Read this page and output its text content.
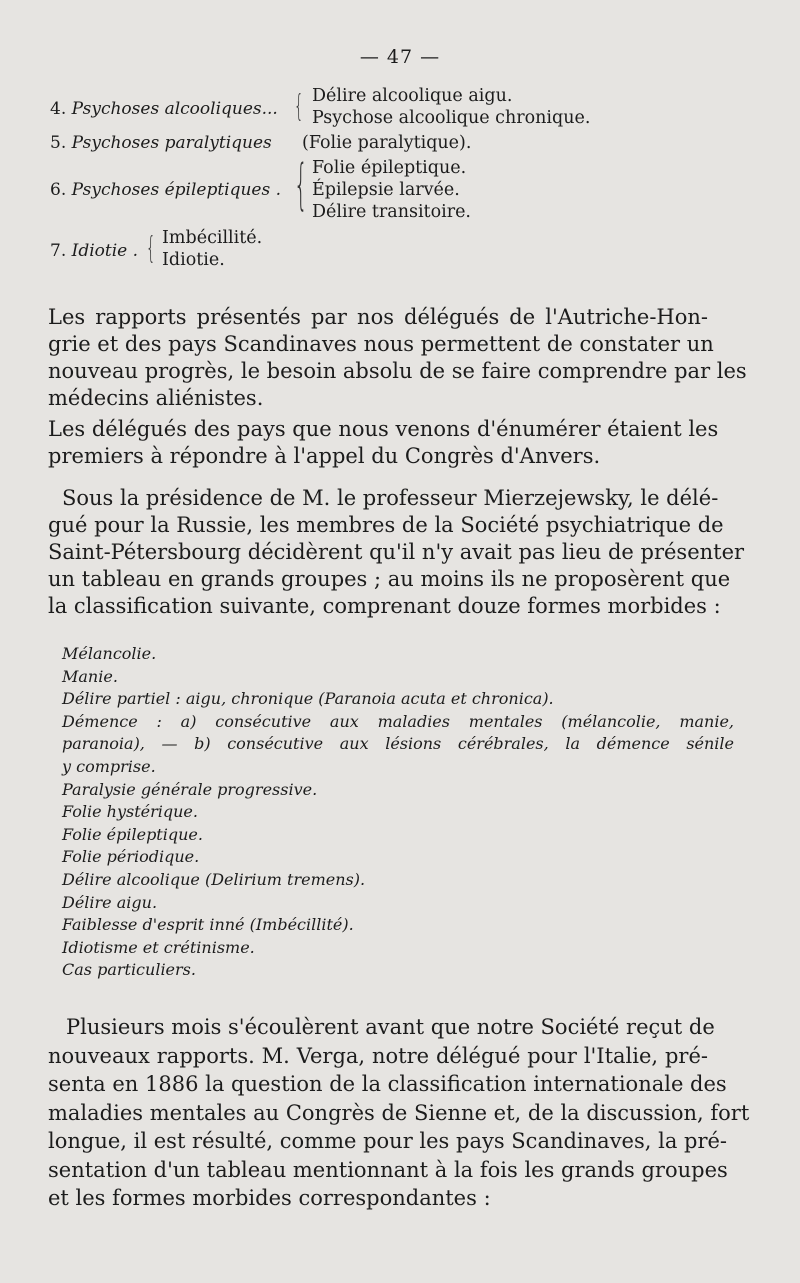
— 47 —
4. Psychoses alcooliques... { Délire alcoolique aigu.
Psychose alcoolique chronique.
5. Psychoses paralytiques (Folie paralytique).
6. Psychoses épileptiques . { Folie épileptique.
Épilepsie larvée.
Délire transitoire.
7. Idiotie . { Imbécillité.
Idiotie.
Les rapports présentés par nos délégués de l'Autriche-Hon-
grie et des pays Scandinaves nous permettent de constater un
nouveau progrès, le besoin absolu de se faire comprendre par les
médecins aliénistes.
Les délégués des pays que nous venons d'énumérer étaient les
premiers à répondre à l'appel du Congrès d'Anvers.
Sous la présidence de M. le professeur Mierzejewsky, le délé-
gué pour la Russie, les membres de la Société psychiatrique de
Saint-Pétersbourg décidèrent qu'il n'y avait pas lieu de présenter
un tableau en grands groupes ; au moins ils ne proposèrent que
la classification suivante, comprenant douze formes morbides :
Mélancolie.
Manie.
Délire partiel : aigu, chronique (Paranoia acuta et chronica).
Démence : a) consécutive aux maladies mentales (mélancolie, manie,
paranoia), — b) consécutive aux lésions cérébrales, la démence sénile
y comprise.
Paralysie générale progressive.
Folie hystérique.
Folie épileptique.
Folie périodique.
Délire alcoolique (Delirium tremens).
Délire aigu.
Faiblesse d'esprit inné (Imbécillité).
Idiotisme et crétinisme.
Cas particuliers.
Plusieurs mois s'écoulèrent avant que notre Société reçut de
nouveaux rapports. M. Verga, notre délégué pour l'Italie, pré-
senta en 1886 la question de la classification internationale des
maladies mentales au Congrès de Sienne et, de la discussion, fort
longue, il est résulté, comme pour les pays Scandinaves, la pré-
sentation d'un tableau mentionnant à la fois les grands groupes
et les formes morbides correspondantes :
